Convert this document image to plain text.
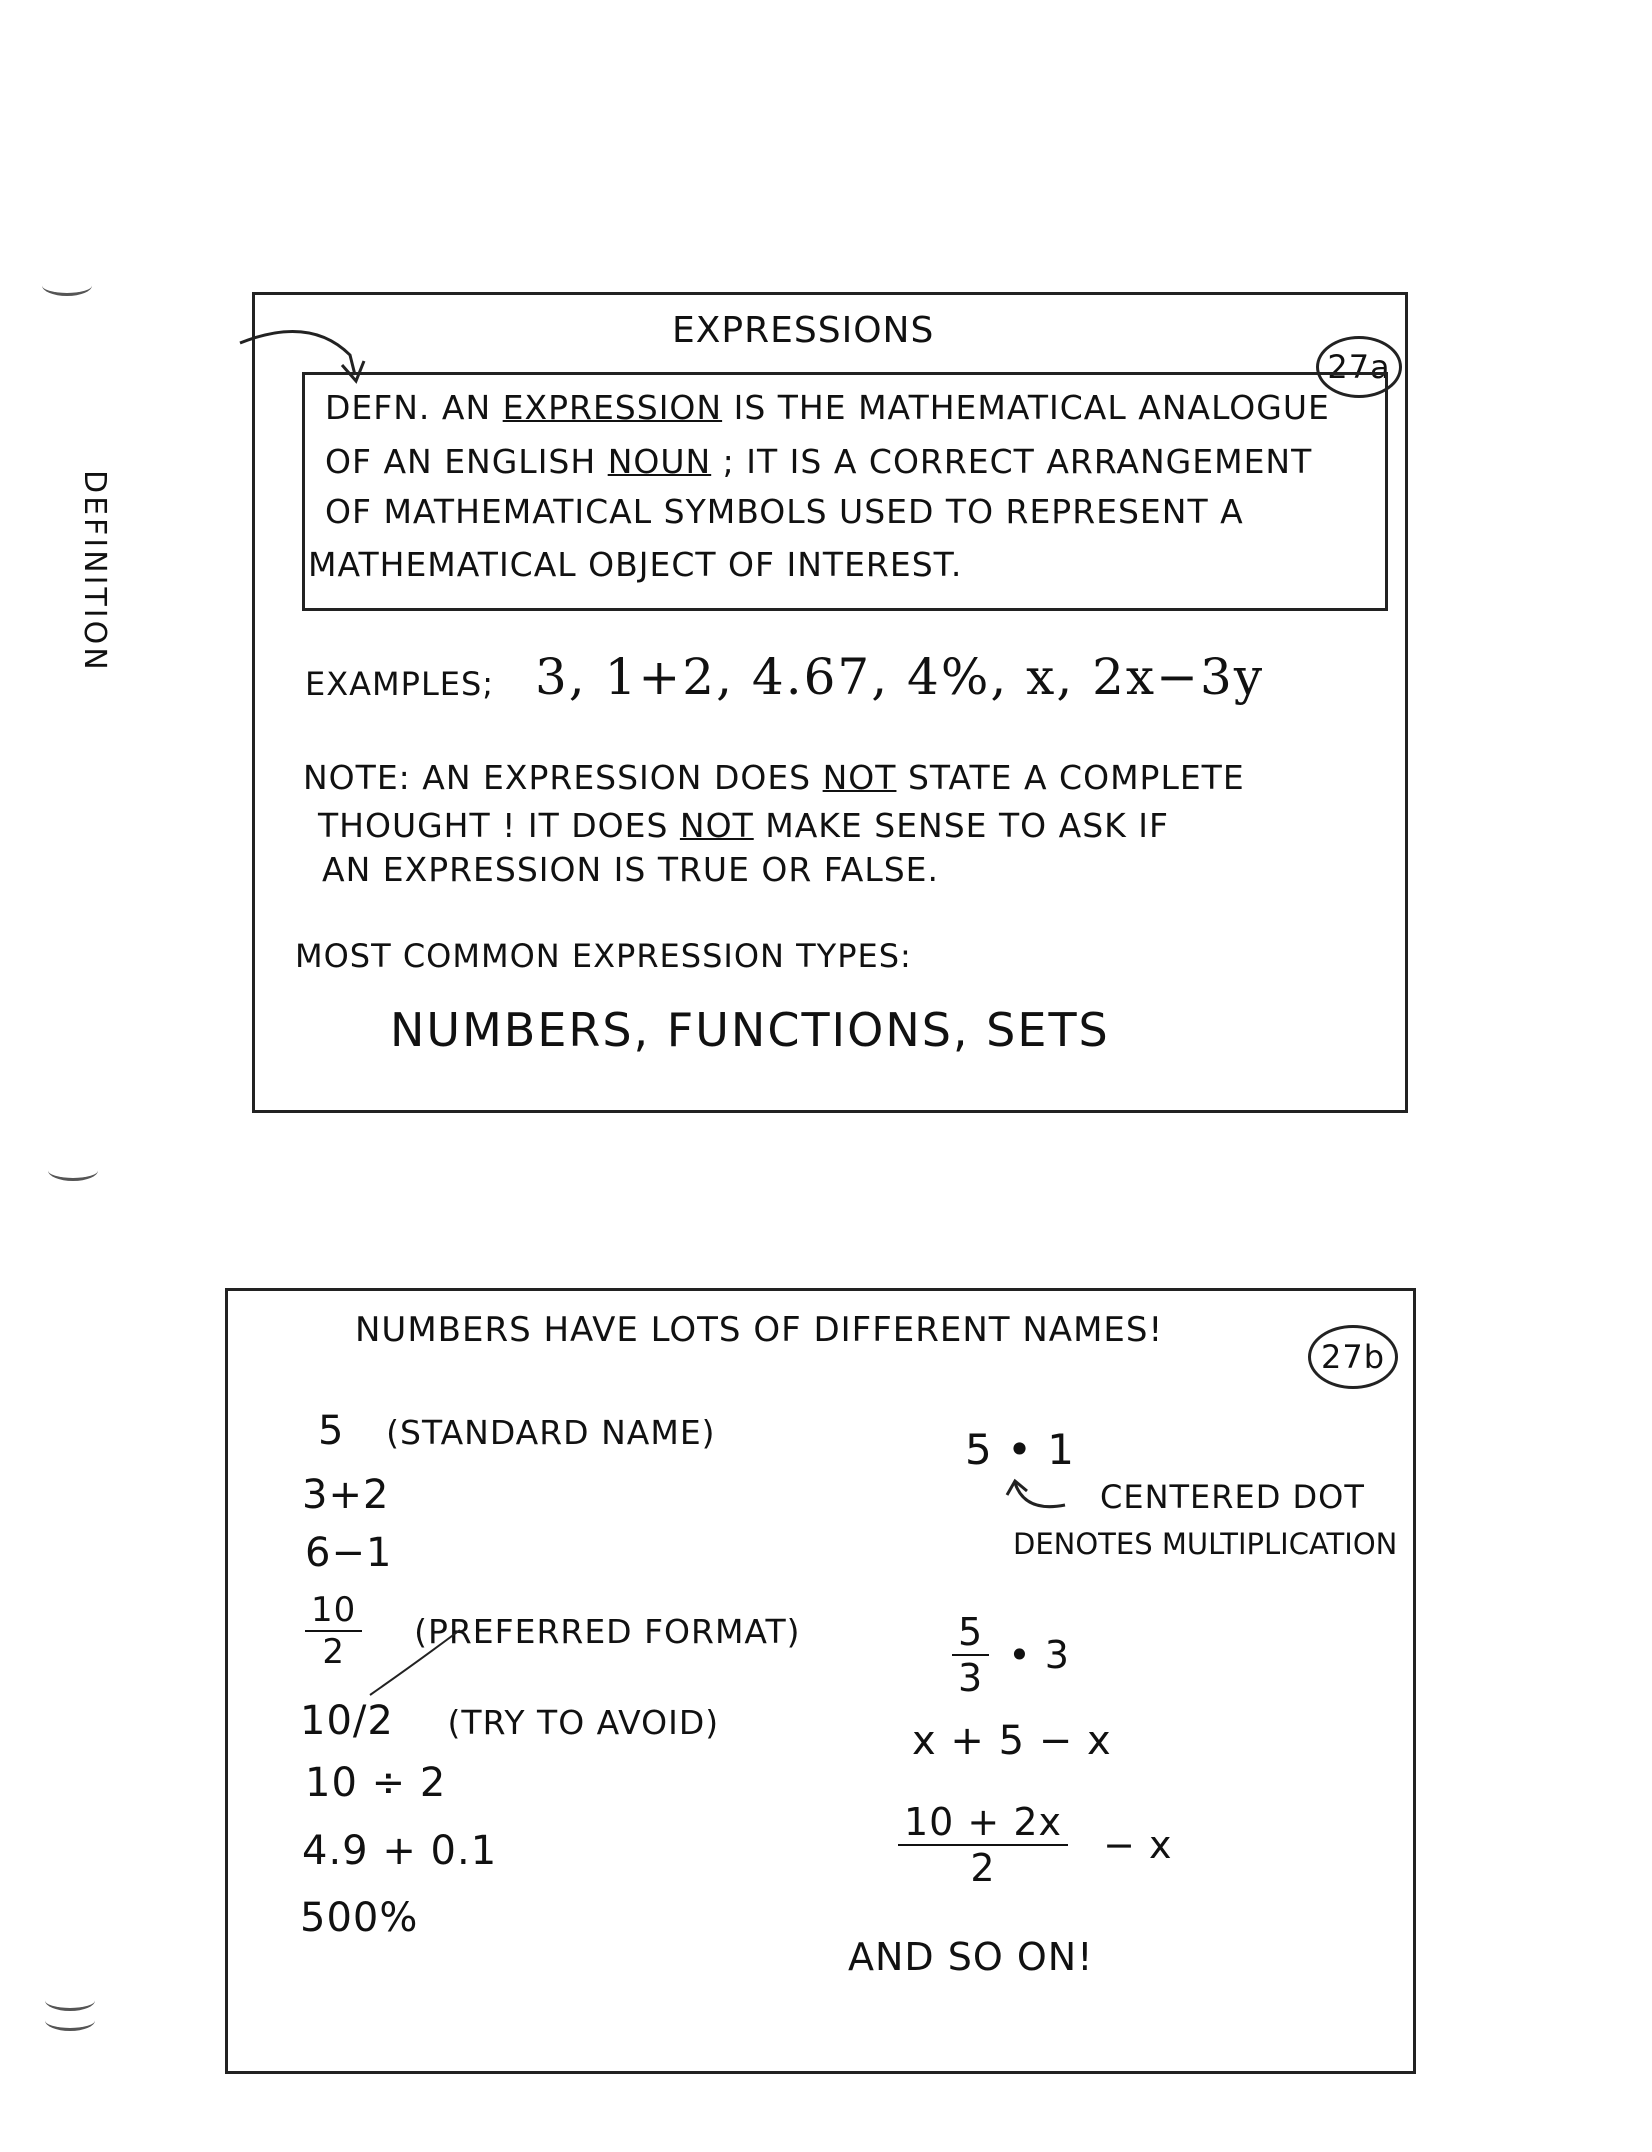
DEFINITION
EXPRESSIONS
27a
DEFN. AN EXPRESSION IS THE MATHEMATICAL ANALOGUE
OF AN ENGLISH NOUN ; IT IS A CORRECT ARRANGEMENT
OF MATHEMATICAL SYMBOLS USED TO REPRESENT A
MATHEMATICAL OBJECT OF INTEREST.
EXAMPLES; 3, 1+2, 4.67, 4%, x, 2x−3y
NOTE: AN EXPRESSION DOES NOT STATE A COMPLETE
THOUGHT ! IT DOES NOT MAKE SENSE TO ASK IF
AN EXPRESSION IS TRUE OR FALSE.
MOST COMMON EXPRESSION TYPES:
NUMBERS, FUNCTIONS, SETS
NUMBERS HAVE LOTS OF DIFFERENT NAMES!
27b
5 (STANDARD NAME)
3+2
6−1
$\frac{10}{2}$ (PREFERRED FORMAT)
10/2 (TRY TO AVOID)
10 ÷ 2
4.9 + 0.1
500%
5 • 1
CENTERED DOT
DENOTES MULTIPLICATION
$\frac{5}{3}$ • 3
x + 5 − x
$\frac{10 + 2x}{2} - x$
AND SO ON!
